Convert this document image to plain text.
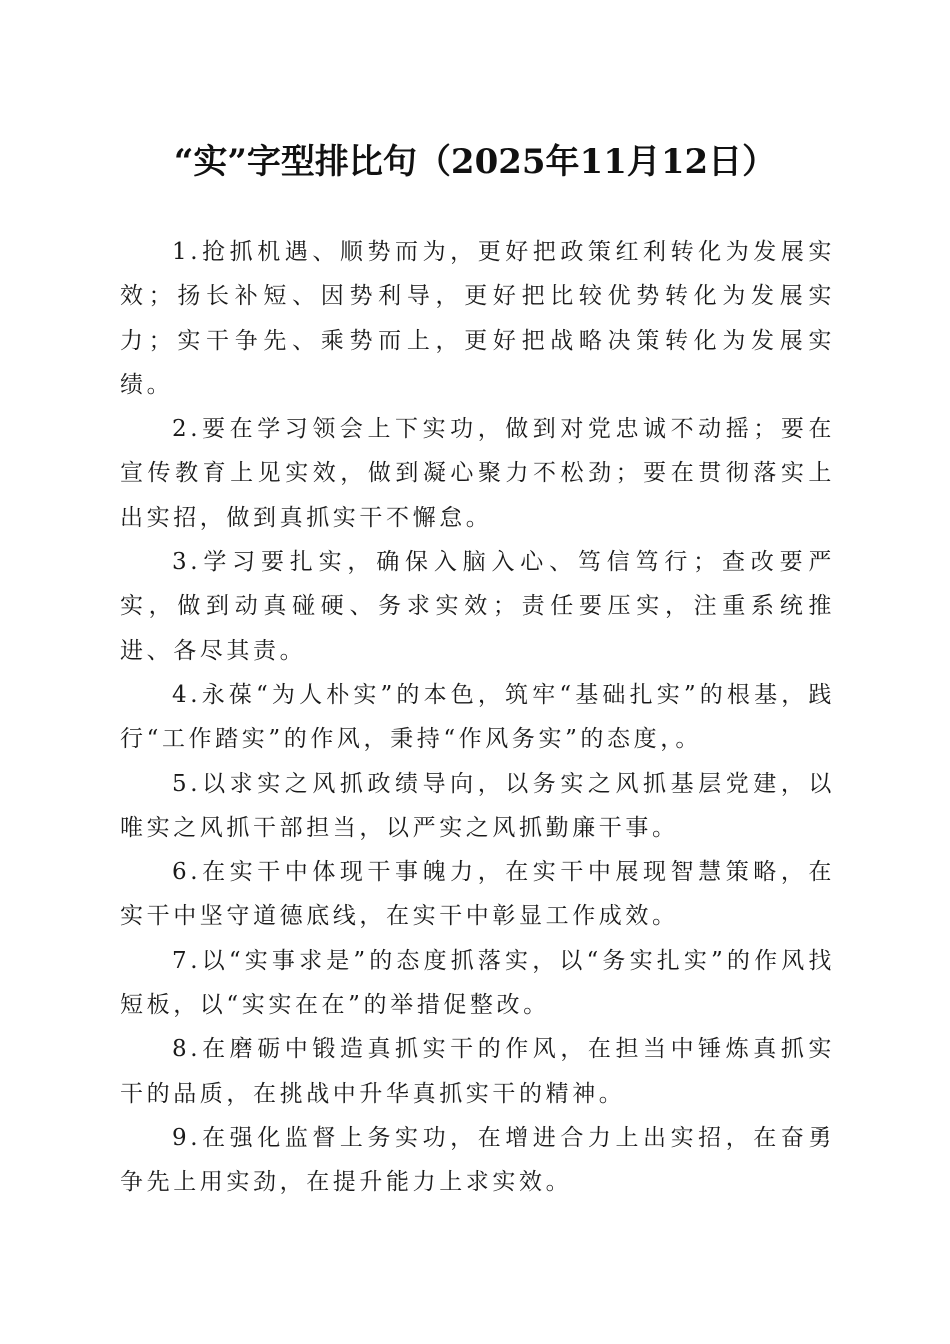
“实”字型排比句（2025年11月12日）

1.抢抓机遇、顺势而为，更好把政策红利转化为发展实效；扬长补短、因势利导，更好把比较优势转化为发展实力；实干争先、乘势而上，更好把战略决策转化为发展实绩。

2.要在学习领会上下实功，做到对党忠诚不动摇；要在宣传教育上见实效，做到凝心聚力不松劲；要在贯彻落实上出实招，做到真抓实干不懈怠。

3.学习要扎实，确保入脑入心、笃信笃行；查改要严实，做到动真碰硬、务求实效；责任要压实，注重系统推进、各尽其责。

4.永葆“为人朴实”的本色，筑牢“基础扎实”的根基，践行“工作踏实”的作风，秉持“作风务实”的态度，。

5.以求实之风抓政绩导向，以务实之风抓基层党建，以唯实之风抓干部担当，以严实之风抓勤廉干事。

6.在实干中体现干事魄力，在实干中展现智慧策略，在实干中坚守道德底线，在实干中彰显工作成效。

7.以“实事求是”的态度抓落实，以“务实扎实”的作风找短板，以“实实在在”的举措促整改。

8.在磨砺中锻造真抓实干的作风，在担当中锤炼真抓实干的品质，在挑战中升华真抓实干的精神。

9.在强化监督上务实功，在增进合力上出实招，在奋勇争先上用实劲，在提升能力上求实效。
